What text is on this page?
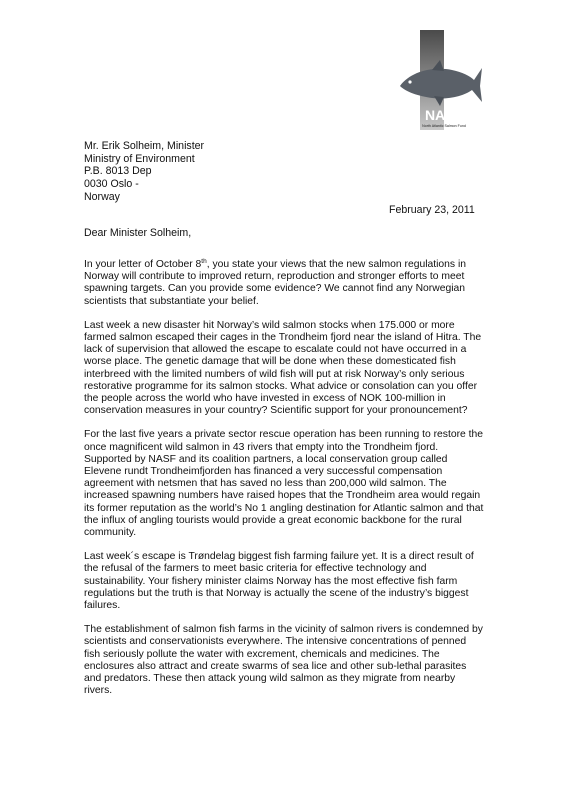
NASF
North Atlantic Salmon Fund
Mr. Erik Solheim, Minister
Ministry of Environment
P.B. 8013 Dep
0030 Oslo -
Norway
February 23, 2011
Dear Minister Solheim,

In your letter of October 8th, you state your views that the new salmon regulations in Norway will contribute to improved return, reproduction and stronger efforts to meet spawning targets. Can you provide some evidence? We cannot find any Norwegian scientists that substantiate your belief.

Last week a new disaster hit Norway’s wild salmon stocks when 175.000 or more farmed salmon escaped their cages in the Trondheim fjord near the island of Hitra. The lack of supervision that allowed the escape to escalate could not have occurred in a worse place. The genetic damage that will be done when these domesticated fish interbreed with the limited numbers of wild fish will put at risk Norway’s only serious restorative programme for its salmon stocks. What advice or consolation can you offer the people across the world who have invested in excess of NOK 100-million in conservation measures in your country? Scientific support for your pronouncement?

For the last five years a private sector rescue operation has been running to restore the once magnificent wild salmon in 43 rivers that empty into the Trondheim fjord. Supported by NASF and its coalition partners, a local conservation group called Elevene rundt Trondheimfjorden has financed a very successful compensation agreement with netsmen that has saved no less than 200,000 wild salmon. The increased spawning numbers have raised hopes that the Trondheim area would regain its former reputation as the world’s No 1 angling destination for Atlantic salmon and that the influx of angling tourists would provide a great economic backbone for the rural community.

Last week´s escape is Trøndelag biggest fish farming failure yet. It is a direct result of the refusal of the farmers to meet basic criteria for effective technology and sustainability. Your fishery minister claims Norway has the most effective fish farm regulations but the truth is that Norway is actually the scene of the industry’s biggest failures.

The establishment of salmon fish farms in the vicinity of salmon rivers is condemned by scientists and conservationists everywhere. The intensive concentrations of penned fish seriously pollute the water with excrement, chemicals and medicines. The enclosures also attract and create swarms of sea lice and other sub-lethal parasites and predators. These then attack young wild salmon as they migrate from nearby rivers.
